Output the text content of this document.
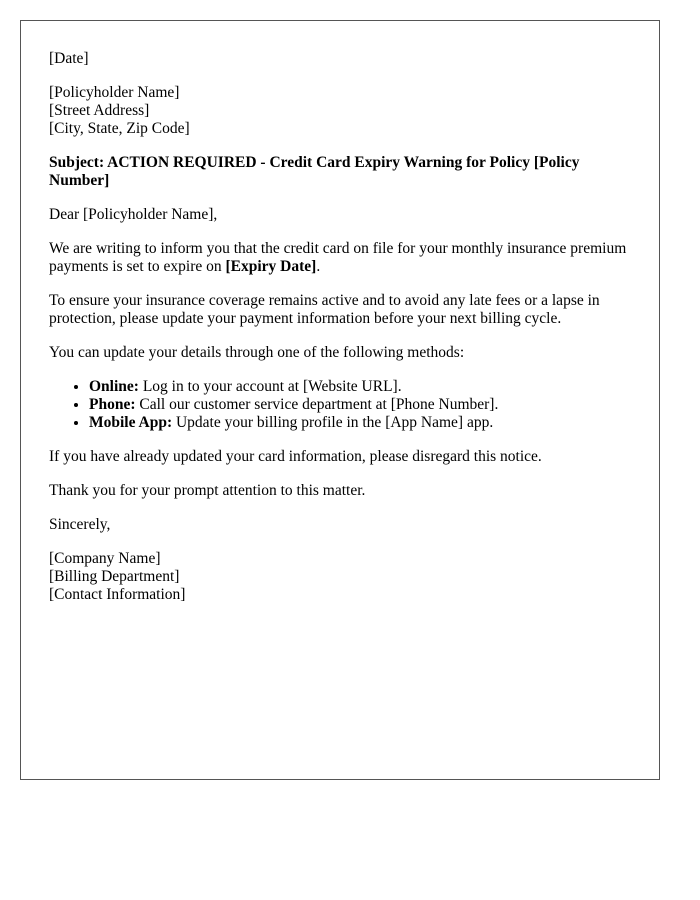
[Date]

[Policyholder Name]
[Street Address]
[City, State, Zip Code]

Subject: ACTION REQUIRED - Credit Card Expiry Warning for Policy [Policy Number]

Dear [Policyholder Name],

We are writing to inform you that the credit card on file for your monthly insurance premium payments is set to expire on [Expiry Date].

To ensure your insurance coverage remains active and to avoid any late fees or a lapse in protection, please update your payment information before your next billing cycle.

You can update your details through one of the following methods:

• Online: Log in to your account at [Website URL].
• Phone: Call our customer service department at [Phone Number].
• Mobile App: Update your billing profile in the [App Name] app.

If you have already updated your card information, please disregard this notice.

Thank you for your prompt attention to this matter.

Sincerely,

[Company Name]
[Billing Department]
[Contact Information]
